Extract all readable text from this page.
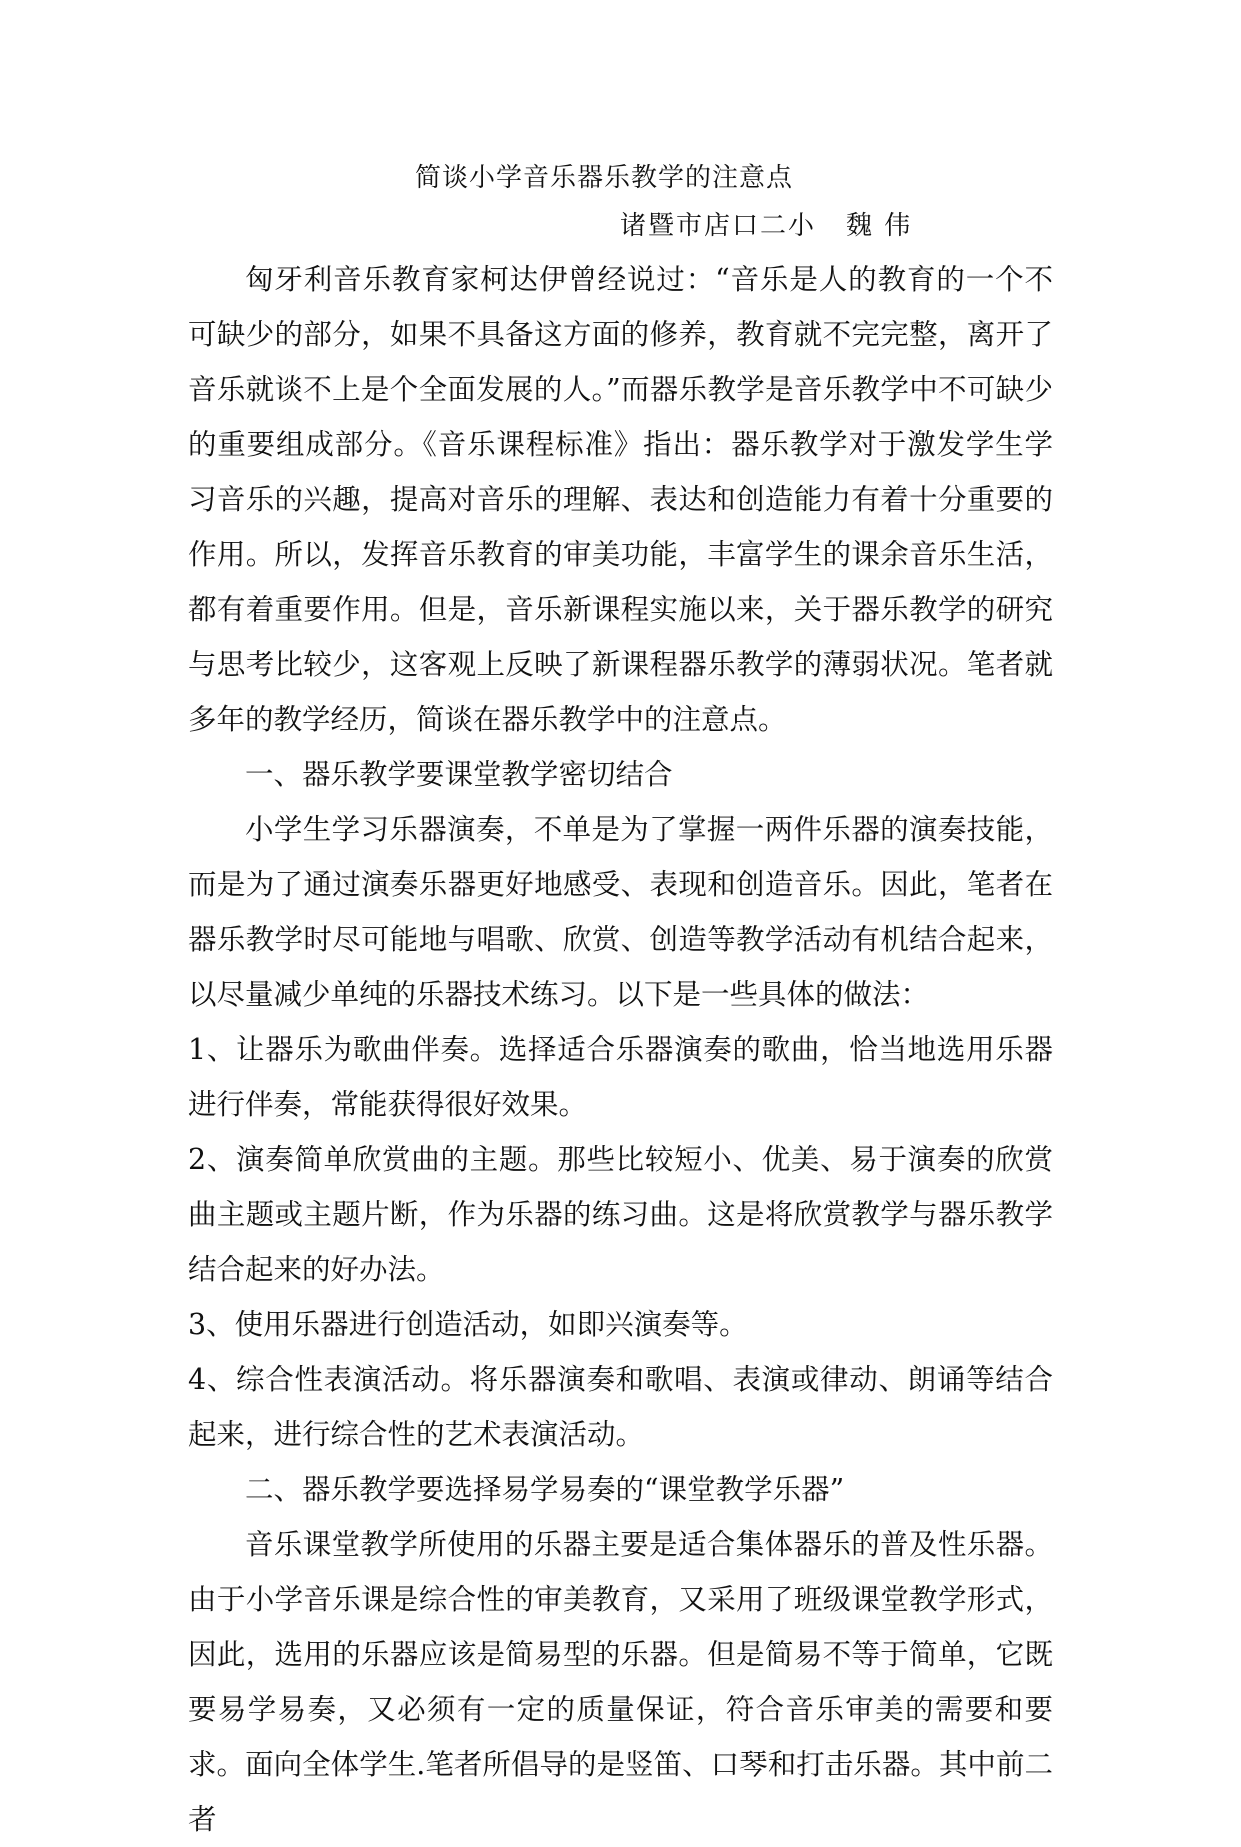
简谈小学音乐器乐教学的注意点
诸暨市店口二小 魏 伟

匈牙利音乐教育家柯达伊曾经说过：“音乐是人的教育的一个不可缺少的部分，如果不具备这方面的修养，教育就不完完整，离开了音乐就谈不上是个全面发展的人。”而器乐教学是音乐教学中不可缺少的重要组成部分。《音乐课程标准》指出：器乐教学对于激发学生学习音乐的兴趣，提高对音乐的理解、表达和创造能力有着十分重要的作用。所以，发挥音乐教育的审美功能，丰富学生的课余音乐生活，都有着重要作用。但是，音乐新课程实施以来，关于器乐教学的研究与思考比较少，这客观上反映了新课程器乐教学的薄弱状况。笔者就多年的教学经历，简谈在器乐教学中的注意点。

一、器乐教学要课堂教学密切结合

小学生学习乐器演奏，不单是为了掌握一两件乐器的演奏技能，而是为了通过演奏乐器更好地感受、表现和创造音乐。因此，笔者在器乐教学时尽可能地与唱歌、欣赏、创造等教学活动有机结合起来，以尽量减少单纯的乐器技术练习。以下是一些具体的做法：

1、让器乐为歌曲伴奏。选择适合乐器演奏的歌曲，恰当地选用乐器进行伴奏，常能获得很好效果。

2、演奏简单欣赏曲的主题。那些比较短小、优美、易于演奏的欣赏曲主题或主题片断，作为乐器的练习曲。这是将欣赏教学与器乐教学结合起来的好办法。

3、使用乐器进行创造活动，如即兴演奏等。

4、综合性表演活动。将乐器演奏和歌唱、表演或律动、朗诵等结合起来，进行综合性的艺术表演活动。

二、器乐教学要选择易学易奏的“课堂教学乐器”

音乐课堂教学所使用的乐器主要是适合集体器乐的普及性乐器。由于小学音乐课是综合性的审美教育，又采用了班级课堂教学形式，因此，选用的乐器应该是简易型的乐器。但是简易不等于简单，它既要易学易奏，又必须有一定的质量保证，符合音乐审美的需要和要求。面向全体学生.笔者所倡导的是竖笛、口琴和打击乐器。其中前二者
